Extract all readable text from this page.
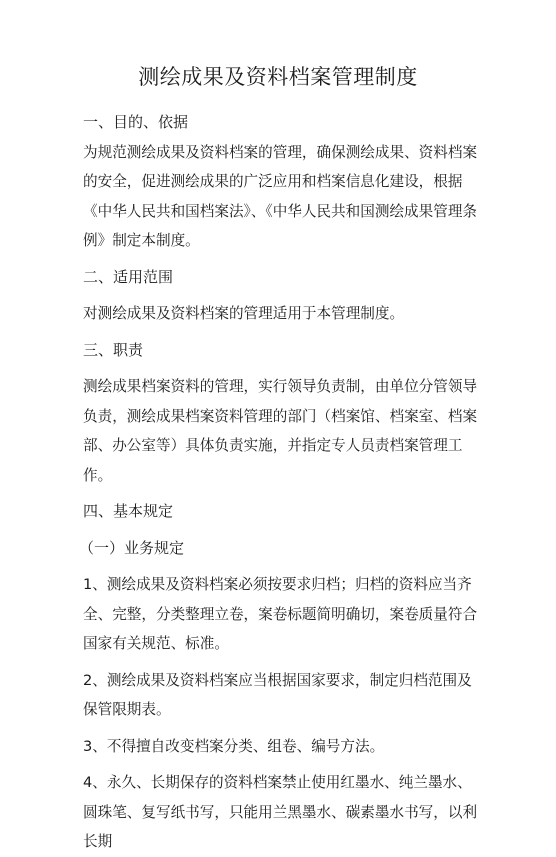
测绘成果及资料档案管理制度

一、目的、依据

为规范测绘成果及资料档案的管理，确保测绘成果、资料档案的安全，促进测绘成果的广泛应用和档案信息化建设，根据《中华人民共和国档案法》、《中华人民共和国测绘成果管理条例》制定本制度。

二、适用范围

对测绘成果及资料档案的管理适用于本管理制度。

三、职责

测绘成果档案资料的管理，实行领导负责制，由单位分管领导负责，测绘成果档案资料管理的部门（档案馆、档案室、档案部、办公室等）具体负责实施，并指定专人员责档案管理工作。

四、基本规定

（一）业务规定

1、测绘成果及资料档案必须按要求归档；归档的资料应当齐全、完整，分类整理立卷，案卷标题简明确切，案卷质量符合国家有关规范、标准。

2、测绘成果及资料档案应当根据国家要求，制定归档范围及保管限期表。

3、不得擅自改变档案分类、组卷、编号方法。

4、永久、长期保存的资料档案禁止使用红墨水、纯兰墨水、圆珠笔、复写纸书写，只能用兰黑墨水、碳素墨水书写，以利长期
